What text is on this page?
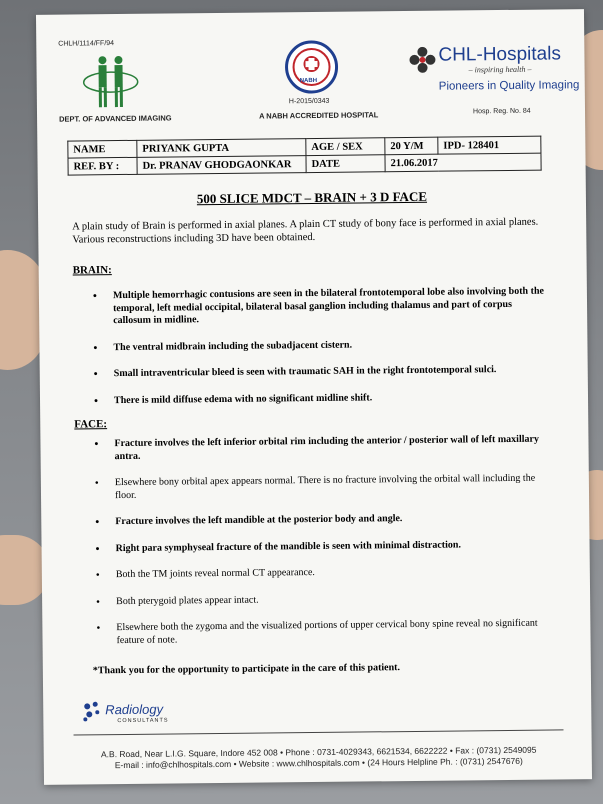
CHLH/1114/FF/94
DEPT. OF ADVANCED IMAGING
NABH
H-2015/0343
A NABH ACCREDITED HOSPITAL
CHL-Hospitals
– inspiring health –
Pioneers in Quality Imaging
Hosp. Reg. No. 84
NAME	PRIYANK GUPTA	AGE / SEX	20 Y/M	IPD- 128401
REF. BY :	Dr. PRANAV GHODGAONKAR	DATE	21.06.2017	
500 SLICE MDCT – BRAIN + 3 D FACE
A plain study of Brain is performed in axial planes. A plain CT study of bony face is performed in axial planes. Various reconstructions including 3D have been obtained.
BRAIN:
• Multiple hemorrhagic contusions are seen in the bilateral frontotemporal lobe also involving both the temporal, left medial occipital, bilateral basal ganglion including thalamus and part of corpus callosum in midline.
• The ventral midbrain including the subadjacent cistern.
• Small intraventricular bleed is seen with traumatic SAH in the right frontotemporal sulci.
• There is mild diffuse edema with no significant midline shift.
FACE:
• Fracture involves the left inferior orbital rim including the anterior / posterior wall of left maxillary antra.
• Elsewhere bony orbital apex appears normal. There is no fracture involving the orbital wall including the floor.
• Fracture involves the left mandible at the posterior body and angle.
• Right para symphyseal fracture of the mandible is seen with minimal distraction.
• Both the TM joints reveal normal CT appearance.
• Both pterygoid plates appear intact.
• Elsewhere both the zygoma and the visualized portions of upper cervical bony spine reveal no significant feature of note.
*Thank you for the opportunity to participate in the care of this patient.
Radiology
CONSULTANTS
A.B. Road, Near L.I.G. Square, Indore 452 008 • Phone : 0731-4029343, 6621534, 6622222 • Fax : (0731) 2549095
E-mail : info@chlhospitals.com • Website : www.chlhospitals.com • (24 Hours Helpline Ph. : (0731) 2547676)
